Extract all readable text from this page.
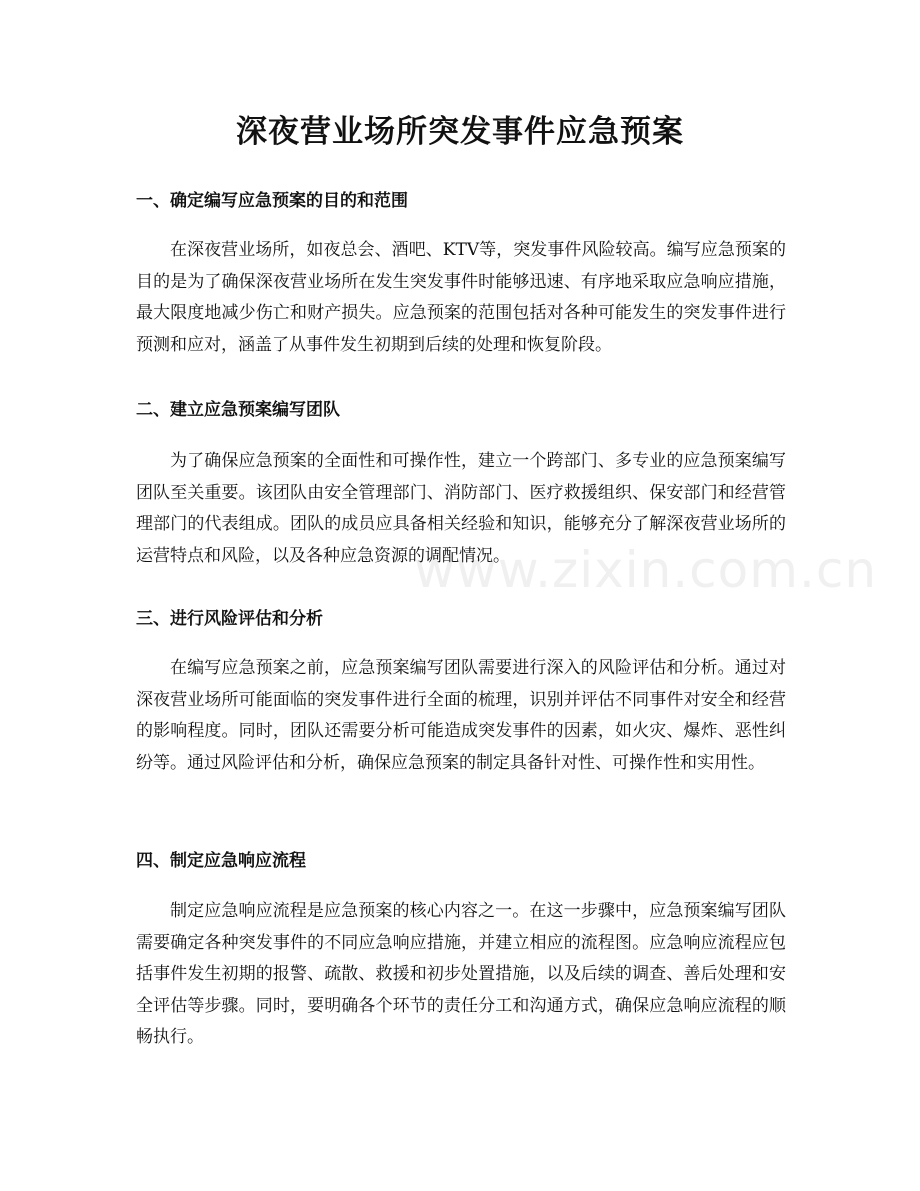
深夜营业场所突发事件应急预案
一、确定编写应急预案的目的和范围

在深夜营业场所，如夜总会、酒吧、KTV等，突发事件风险较高。编写应急预案的目的是为了确保深夜营业场所在发生突发事件时能够迅速、有序地采取应急响应措施，最大限度地减少伤亡和财产损失。应急预案的范围包括对各种可能发生的突发事件进行预测和应对，涵盖了从事件发生初期到后续的处理和恢复阶段。

二、建立应急预案编写团队

为了确保应急预案的全面性和可操作性，建立一个跨部门、多专业的应急预案编写团队至关重要。该团队由安全管理部门、消防部门、医疗救援组织、保安部门和经营管理部门的代表组成。团队的成员应具备相关经验和知识，能够充分了解深夜营业场所的运营特点和风险，以及各种应急资源的调配情况。

三、进行风险评估和分析

在编写应急预案之前，应急预案编写团队需要进行深入的风险评估和分析。通过对深夜营业场所可能面临的突发事件进行全面的梳理，识别并评估不同事件对安全和经营的影响程度。同时，团队还需要分析可能造成突发事件的因素，如火灾、爆炸、恶性纠纷等。通过风险评估和分析，确保应急预案的制定具备针对性、可操作性和实用性。

四、制定应急响应流程

制定应急响应流程是应急预案的核心内容之一。在这一步骤中，应急预案编写团队需要确定各种突发事件的不同应急响应措施，并建立相应的流程图。应急响应流程应包括事件发生初期的报警、疏散、救援和初步处置措施，以及后续的调查、善后处理和安全评估等步骤。同时，要明确各个环节的责任分工和沟通方式，确保应急响应流程的顺畅执行。

www.zixin.com.cn
